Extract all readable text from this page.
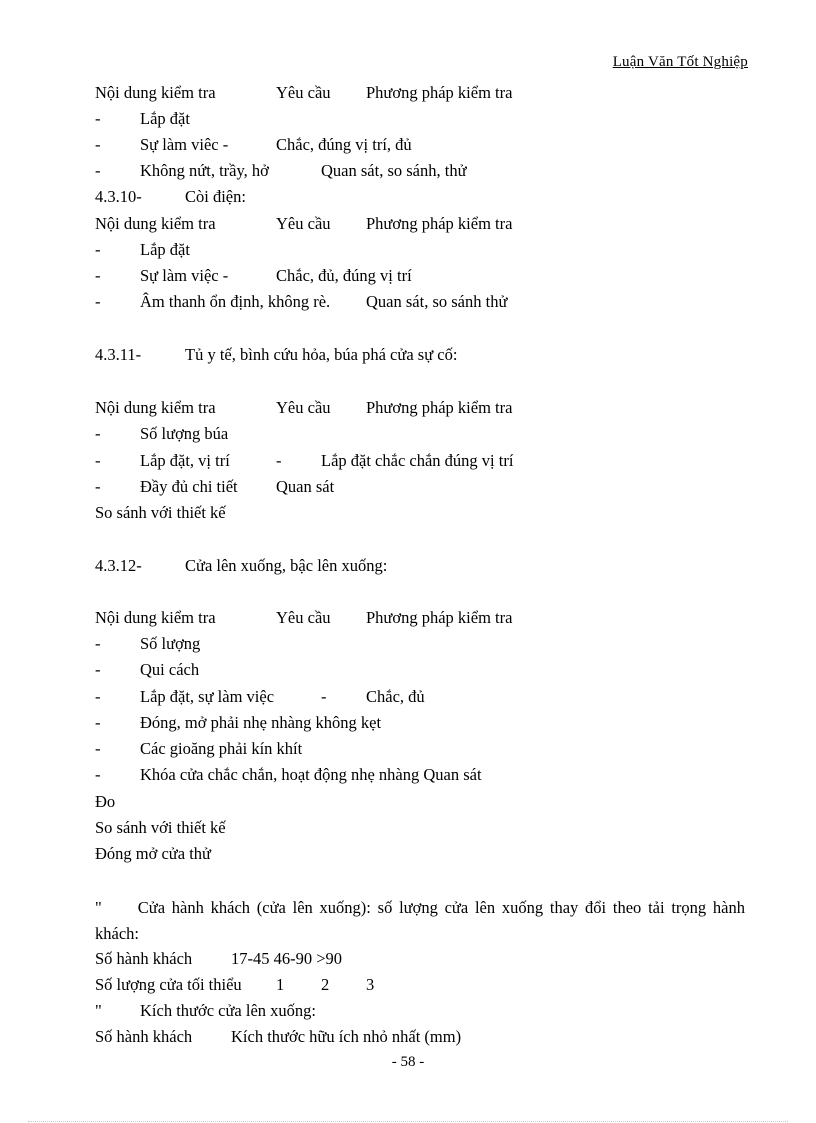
Luận Văn Tốt Nghiệp
Nội dung kiểm tra	Yêu cầu Phương pháp kiểm tra
- Lắp đặt
- Sự làm viêc -	Chắc, đúng vị trí, đủ
- Không nứt, trầy, hở	Quan sát, so sánh, thử
4.3.10-	Còi điện:
Nội dung kiểm tra	Yêu cầu Phương pháp kiểm tra
- Lắp đặt
- Sự làm việc -	Chắc, đủ, đúng vị trí
- Âm thanh ổn định, không rè. Quan sát, so sánh thử
4.3.11-	Tủ y tế, bình cứu hỏa, búa phá cửa sự cố:
Nội dung kiểm tra	Yêu cầu Phương pháp kiểm tra
- Số lượng búa
- Lắp đặt, vị trí	- Lắp đặt chắc chắn đúng vị trí
- Đầy đủ chi tiết Quan sát
So sánh với thiết kế
4.3.12-	Cửa lên xuống, bậc lên xuống:
Nội dung kiểm tra	Yêu cầu Phương pháp kiểm tra
- Số lượng
- Qui cách
- Lắp đặt, sự làm việc	- Chắc, đủ
- Đóng, mở phải nhẹ nhàng không kẹt
- Các gioăng phải kín khít
- Khóa cửa chắc chắn, hoạt động nhẹ nhàng Quan sát
Đo
So sánh với thiết kế
Đóng mở cửa thử
" Cửa hành khách (cửa lên xuống): số lượng cửa lên xuống thay đổi theo tải trọng hành khách:
Số hành khách 17-45 46-90 >90
Số lượng cửa tối thiểu 1 2 3
" Kích thước cửa lên xuống:
Số hành khách Kích thước hữu ích nhỏ nhất (mm)
- 58 -
